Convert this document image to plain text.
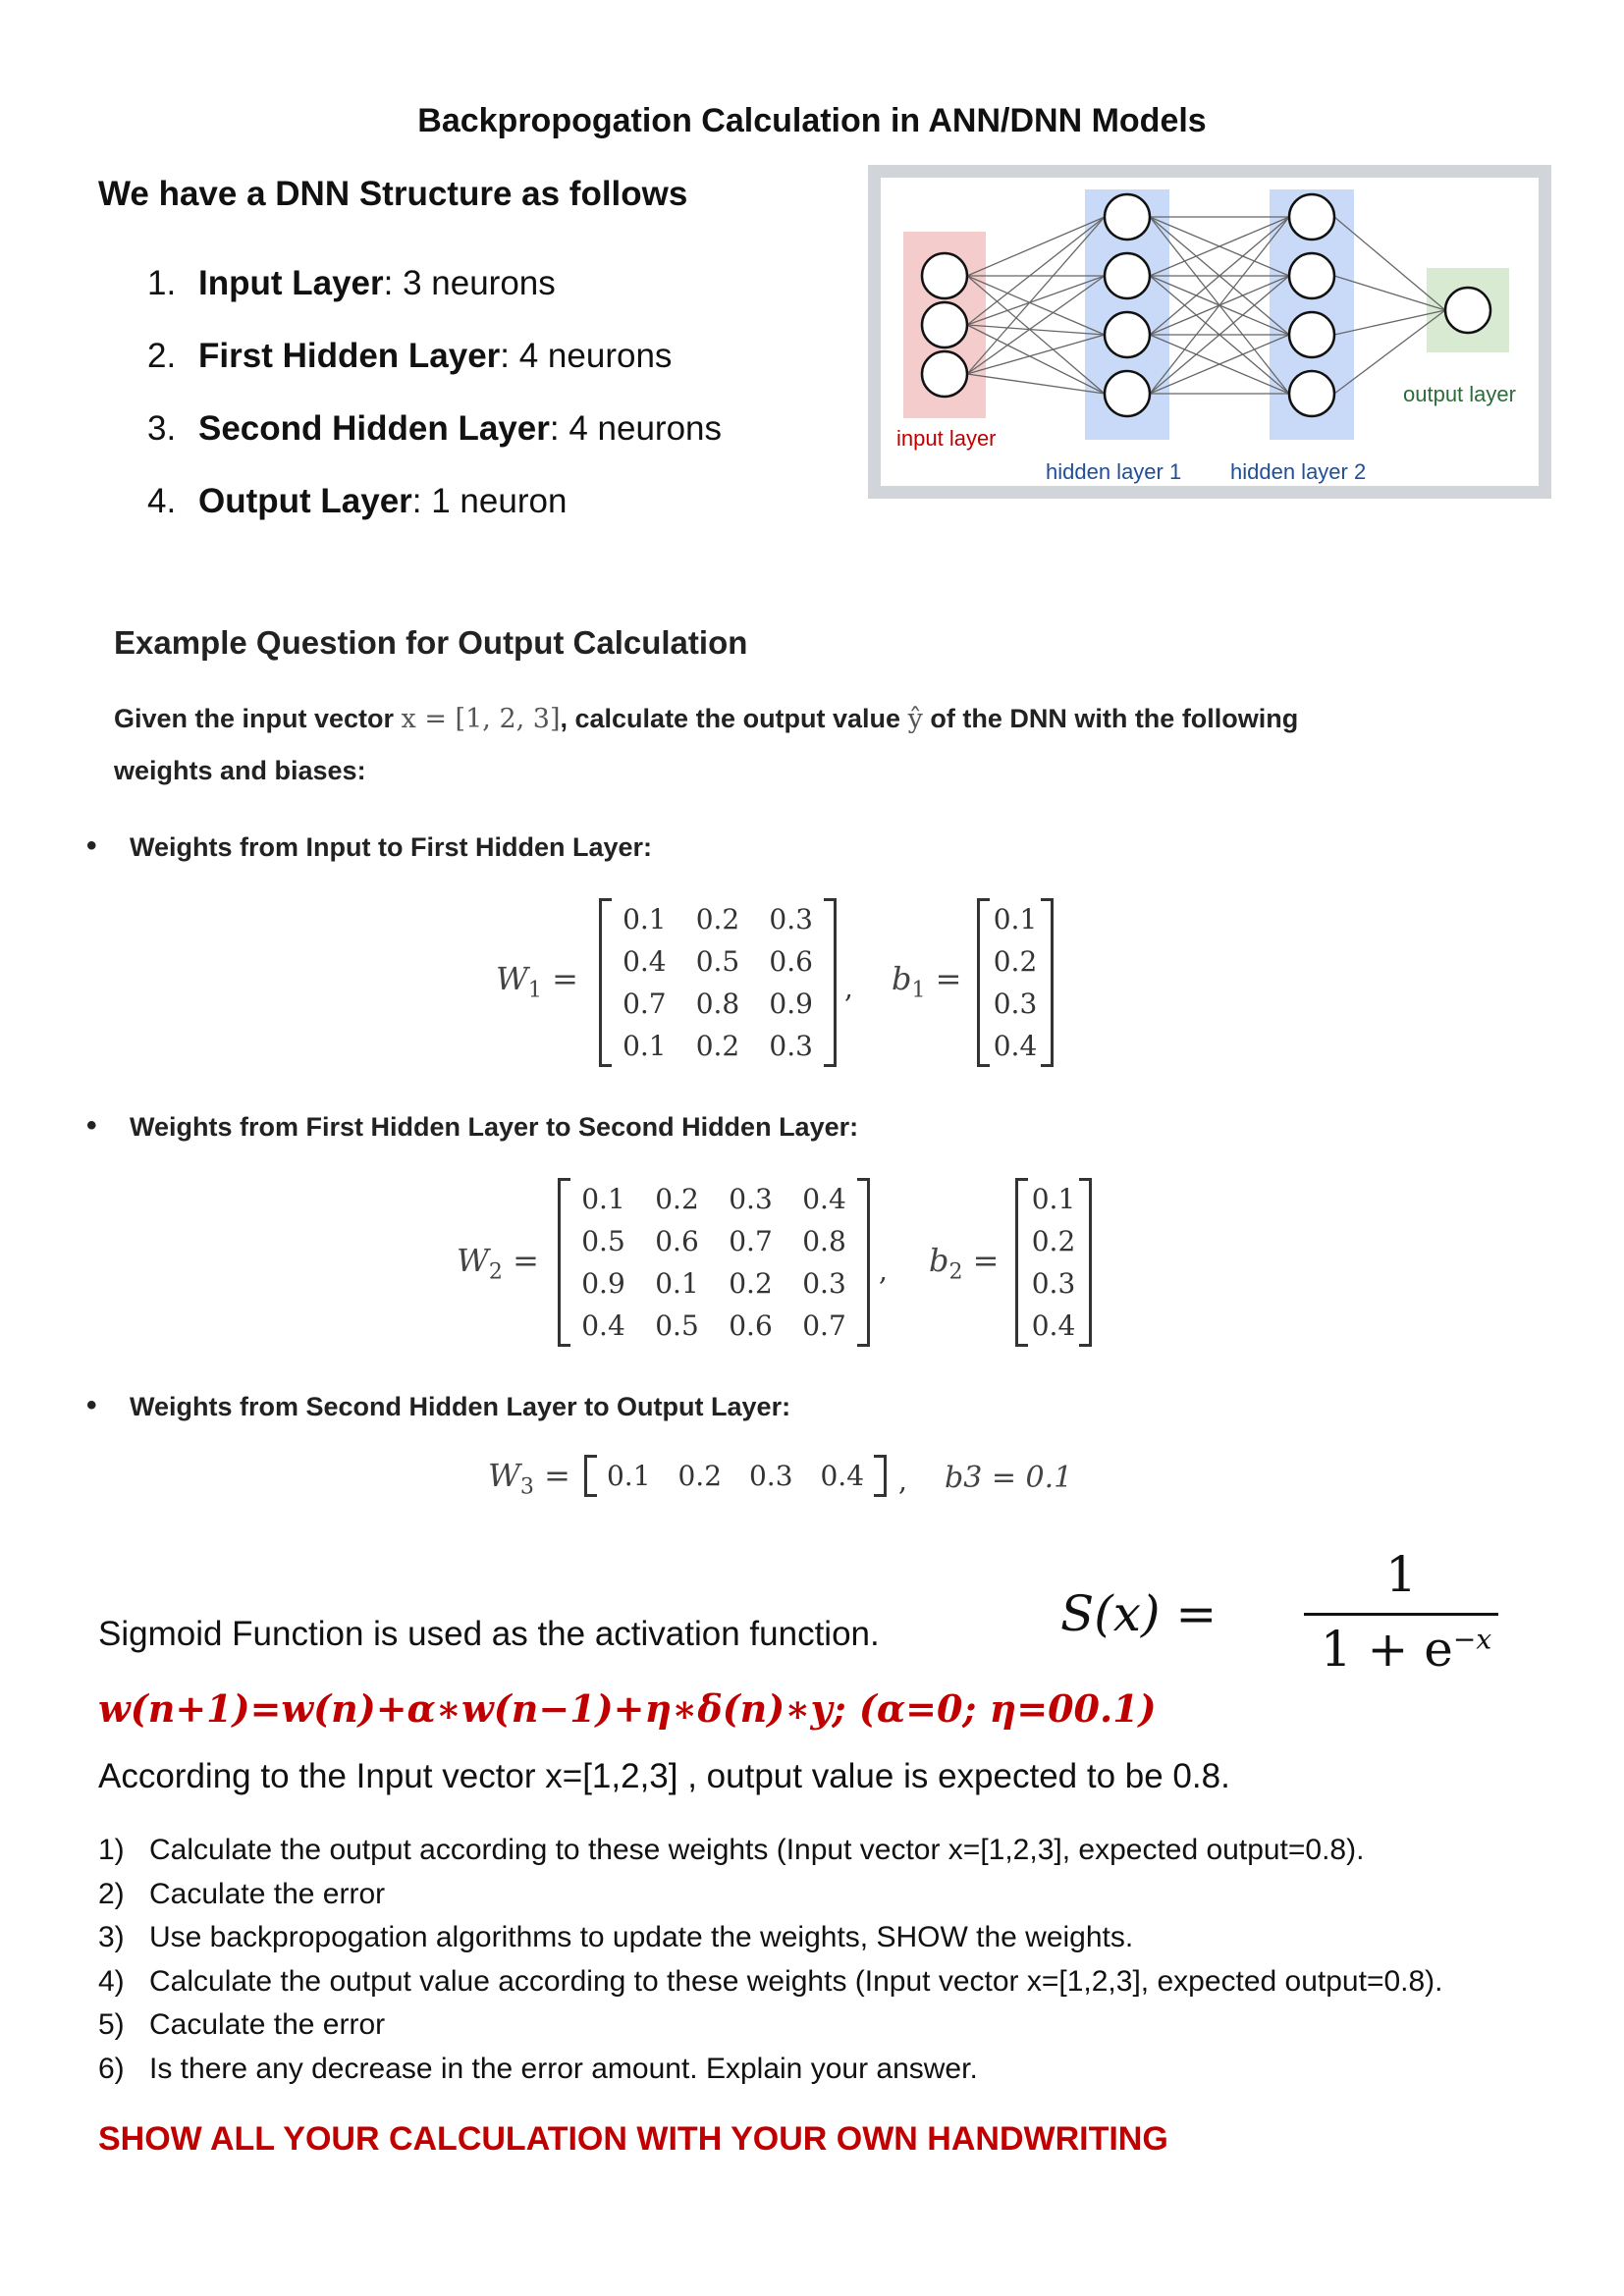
Backpropogation Calculation in ANN/DNN Models
We have a DNN Structure as follows
1. Input Layer: 3 neurons
2. First Hidden Layer: 4 neurons
3. Second Hidden Layer: 4 neurons
4. Output Layer: 1 neuron
input layer
hidden layer 1 hidden layer 2
output layer
Example Question for Output Calculation
Given the input vector x = [1, 2, 3], calculate the output value ŷ of the DNN with the following
weights and biases:
• Weights from Input to First Hidden Layer:
$W_1$ =
0.1	0.2	0.3
0.4	0.5	0.6
0.7	0.8	0.9
0.1	0.2	0.3
, $b_1$ =
0.1
0.2
0.3
0.4
• Weights from First Hidden Layer to Second Hidden Layer:
$W_2$ =
0.1	0.2	0.3	0.4
0.5	0.6	0.7	0.8
0.9	0.1	0.2	0.3
0.4	0.5	0.6	0.7
, $b_2$ =
0.1
0.2
0.3
0.4
• Weights from Second Hidden Layer to Output Layer:
$W_3$ =	0.1 0.2 0.3 0.4	, b3 = 0.1
S(x) =
1
$1 + e^{-x}$
Sigmoid Function is used as the activation function.
w(n+1)=w(n)+α∗w(n−1)+η∗δ(n)∗y; (α=0; η=00.1)
According to the Input vector x=[1,2,3] , output value is expected to be 0.8.
1) Calculate the output according to these weights (Input vector x=[1,2,3], expected output=0.8).
2) Caculate the error
3) Use backpropogation algorithms to update the weights, SHOW the weights.
4) Calculate the output value according to these weights (Input vector x=[1,2,3], expected output=0.8).
5) Caculate the error
6) Is there any decrease in the error amount. Explain your answer.
SHOW ALL YOUR CALCULATION WITH YOUR OWN HANDWRITING
